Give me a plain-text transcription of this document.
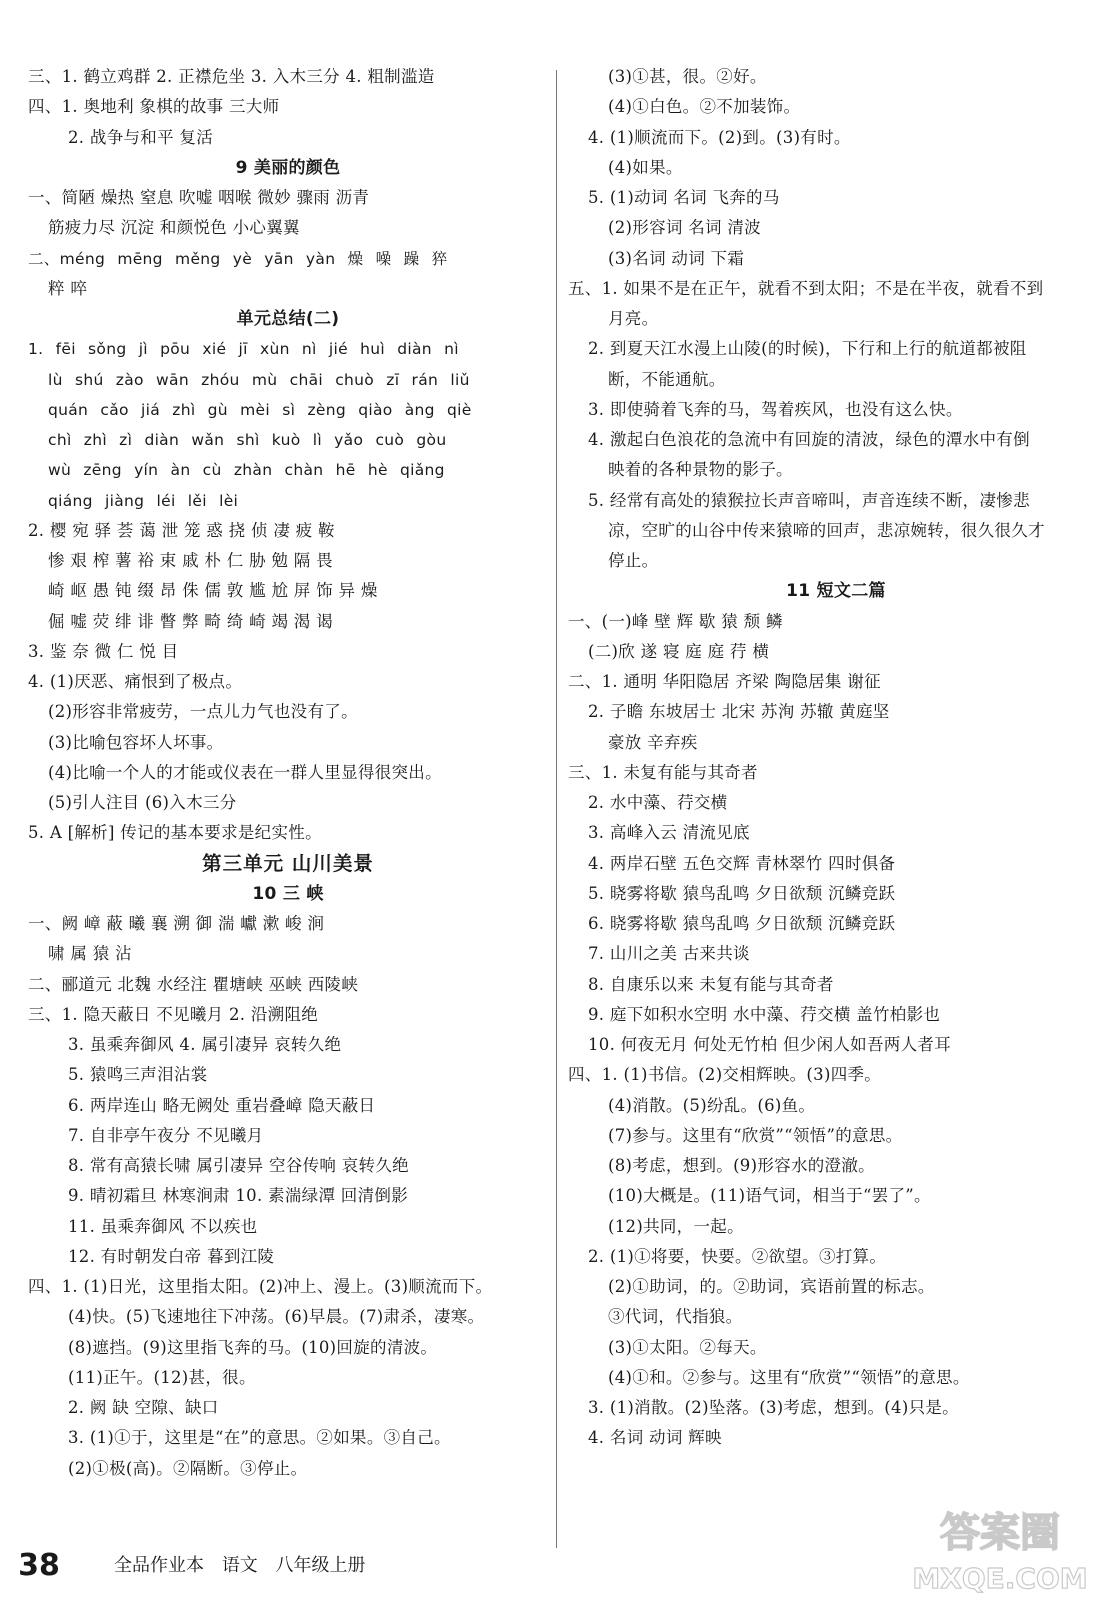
三、1. 鹤立鸡群 2. 正襟危坐 3. 入木三分 4. 粗制滥造
四、1. 奥地利 象棋的故事 三大师
2. 战争与和平 复活
9 美丽的颜色
一、简陋 燥热 窒息 吹嘘 咽喉 微妙 骤雨 沥青
筋疲力尽 沉淀 和颜悦色 小心翼翼
二、méng mēng měng yè yān yàn 燥 噪 躁 猝
粹 啐
单元总结(二)
1. fēi sǒng jì pōu xié jī xùn nì jié huì diàn nì
lù shú zào wān zhóu mù chāi chuò zī rán liǔ
quán cǎo jiá zhì gù mèi sì zèng qiào àng qiè
chì zhì zì diàn wǎn shì kuò lì yǎo cuò gòu
wù zēng yín àn cù zhàn chàn hē hè qiǎng
qiáng jiàng léi lěi lèi
2. 樱 宛 驿 荟 蔼 泄 笼 惑 挠 侦 凄 疲 鞍
惨 艰 榨 薯 裕 束 戚 朴 仁 胁 勉 隔 畏
崎 岖 愚 钝 缀 昂 侏 儒 敦 尴 尬 屏 饰 异 燥
倔 嘘 荧 绯 诽 瞥 弊 畸 绮 崎 竭 渴 谒
3. 鉴 奈 微 仁 悦 目
4. (1)厌恶、痛恨到了极点。
(2)形容非常疲劳，一点儿力气也没有了。
(3)比喻包容坏人坏事。
(4)比喻一个人的才能或仪表在一群人里显得很突出。
(5)引人注目 (6)入木三分
5. A [解析] 传记的基本要求是纪实性。
第三单元 山川美景
10 三 峡
一、阙 嶂 蔽 曦 襄 溯 御 湍 巘 漱 峻 涧
啸 属 猿 沾
二、郦道元 北魏 水经注 瞿塘峡 巫峡 西陵峡
三、1. 隐天蔽日 不见曦月 2. 沿溯阻绝
3. 虽乘奔御风 4. 属引凄异 哀转久绝
5. 猿鸣三声泪沾裳
6. 两岸连山 略无阙处 重岩叠嶂 隐天蔽日
7. 自非亭午夜分 不见曦月
8. 常有高猿长啸 属引凄异 空谷传响 哀转久绝
9. 晴初霜旦 林寒涧肃 10. 素湍绿潭 回清倒影
11. 虽乘奔御风 不以疾也
12. 有时朝发白帝 暮到江陵
四、1. (1)日光，这里指太阳。(2)冲上、漫上。(3)顺流而下。
(4)快。(5)飞速地往下冲荡。(6)早晨。(7)肃杀，凄寒。
(8)遮挡。(9)这里指飞奔的马。(10)回旋的清波。
(11)正午。(12)甚，很。
2. 阙 缺 空隙、缺口
3. (1)①于，这里是“在”的意思。②如果。③自己。
(2)①极(高)。②隔断。③停止。
(3)①甚，很。②好。
(4)①白色。②不加装饰。
4. (1)顺流而下。(2)到。(3)有时。
(4)如果。
5. (1)动词 名词 飞奔的马
(2)形容词 名词 清波
(3)名词 动词 下霜
五、1. 如果不是在正午，就看不到太阳；不是在半夜，就看不到
月亮。
2. 到夏天江水漫上山陵(的时候)，下行和上行的航道都被阻
断，不能通航。
3. 即使骑着飞奔的马，驾着疾风，也没有这么快。
4. 激起白色浪花的急流中有回旋的清波，绿色的潭水中有倒
映着的各种景物的影子。
5. 经常有高处的猿猴拉长声音啼叫，声音连续不断，凄惨悲
凉，空旷的山谷中传来猿啼的回声，悲凉婉转，很久很久才
停止。
11 短文二篇
一、(一)峰 壁 辉 歇 猿 颓 鳞
(二)欣 遂 寝 庭 庭 荇 横
二、1. 通明 华阳隐居 齐梁 陶隐居集 谢征
2. 子瞻 东坡居士 北宋 苏洵 苏辙 黄庭坚
豪放 辛弃疾
三、1. 未复有能与其奇者
2. 水中藻、荇交横
3. 高峰入云 清流见底
4. 两岸石壁 五色交辉 青林翠竹 四时俱备
5. 晓雾将歇 猿鸟乱鸣 夕日欲颓 沉鳞竞跃
6. 晓雾将歇 猿鸟乱鸣 夕日欲颓 沉鳞竞跃
7. 山川之美 古来共谈
8. 自康乐以来 未复有能与其奇者
9. 庭下如积水空明 水中藻、荇交横 盖竹柏影也
10. 何夜无月 何处无竹柏 但少闲人如吾两人者耳
四、1. (1)书信。(2)交相辉映。(3)四季。
(4)消散。(5)纷乱。(6)鱼。
(7)参与。这里有“欣赏”“领悟”的意思。
(8)考虑，想到。(9)形容水的澄澈。
(10)大概是。(11)语气词，相当于“罢了”。
(12)共同，一起。
2. (1)①将要，快要。②欲望。③打算。
(2)①助词，的。②助词，宾语前置的标志。
③代词，代指狼。
(3)①太阳。②每天。
(4)①和。②参与。这里有“欣赏”“领悟”的意思。
3. (1)消散。(2)坠落。(3)考虑，想到。(4)只是。
4. 名词 动词 辉映
38	全品作业本 语文 八年级上册
答案圈
MXQE.COM
